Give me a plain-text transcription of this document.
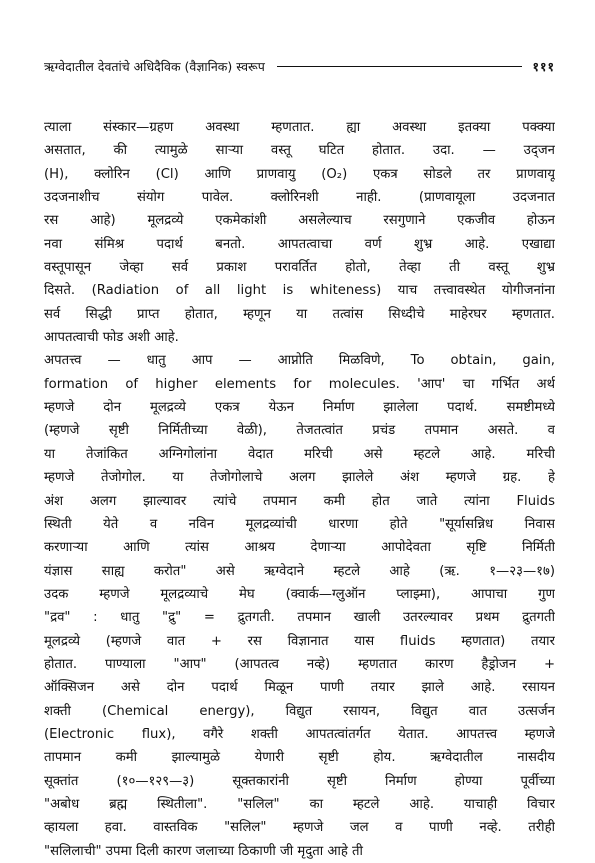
ऋग्वेदातील देवतांचे अधिदैविक (वैज्ञानिक) स्वरूप	१११
त्याला संस्कार—ग्रहण अवस्था म्हणतात. ह्या अवस्था इतक्या पक्क्या
असतात, की त्यामुळे साऱ्या वस्तू घटित होतात. उदा. — उद्जन
(H), क्लोरिन (Cl) आणि प्राणवायु (O₂) एकत्र सोडले तर प्राणवायू
उदजनाशीच संयोग पावेल. क्लोरिनशी नाही. (प्राणवायूला उदजनात
रस आहे) मूलद्रव्ये एकमेकांशी असलेल्याच रसगुणाने एकजीव होऊन
नवा संमिश्र पदार्थ बनतो. आपतत्वाचा वर्ण शुभ्र आहे. एखाद्या
वस्तूपासून जेव्हा सर्व प्रकाश परावर्तित होतो, तेव्हा ती वस्तू शुभ्र
दिसते. (Radiation of all light is whiteness) याच तत्त्वावस्थेत योगीजनांना
सर्व सिद्धी प्राप्त होतात, म्हणून या तत्वांस सिध्दीचे माहेरघर म्हणतात.
आपतत्वाची फोड अशी आहे.
अपतत्त्व — धातु आप — आप्नोति मिळविणे, To obtain, gain,
formation of higher elements for molecules. 'आप' चा गर्भित अर्थ
म्हणजे दोन मूलद्रव्ये एकत्र येऊन निर्माण झालेला पदार्थ. समष्टीमध्ये
(म्हणजे सृष्टी निर्मितीच्या वेळी), तेजतत्वांत प्रचंड तपमान असते. व
या तेजांकित अग्निगोलांना वेदात मरिची असे म्हटले आहे. मरिची
म्हणजे तेजोगोल. या तेजोगोलाचे अलग झालेले अंश म्हणजे ग्रह. हे
अंश अलग झाल्यावर त्यांचे तपमान कमी होत जाते त्यांना Fluids
स्थिती येते व नविन मूलद्रव्यांची धारणा होते "सूर्यासन्निध निवास
करणाऱ्या आणि त्यांस आश्रय देणाऱ्या आपोदेवता सृष्टि निर्मिती
यंज्ञास साह्य करोत" असे ऋग्वेदाने म्हटले आहे (ऋ. १—२३—१७)
उदक म्हणजे मूलद्रव्याचे मेघ (क्वार्क—ग्लुऑन प्लाझ्मा), आपाचा गुण
"द्रव" : धातु "द्रु" = द्रुतगती. तपमान खाली उतरल्यावर प्रथम द्रुतगती
मूलद्रव्ये (म्हणजे वात + रस विज्ञानात यास fluids म्हणतात) तयार
होतात. पाण्याला "आप" (आपतत्व नव्हे) म्हणतात कारण हैड्रोजन +
ऑक्सिजन असे दोन पदार्थ मिळून पाणी तयार झाले आहे. रसायन
शक्ती (Chemical energy), विद्युत रसायन, विद्युत वात उत्सर्जन
(Electronic flux), वगैरे शक्ती आपतत्वांतर्गत येतात. आपतत्त्व म्हणजे
तापमान कमी झाल्यामुळे येणारी सृष्टी होय. ऋग्वेदातील नासदीय
सूक्तांत (१०—१२९—३) सूक्तकारांनी सृष्टी निर्माण होण्या पूर्वीच्या
"अबोध ब्रह्म स्थितीला". "सलिल" का म्हटले आहे. याचाही विचार
व्हायला हवा. वास्तविक "सलिल" म्हणजे जल व पाणी नव्हे. तरीही
"सलिलाची" उपमा दिली कारण जलाच्या ठिकाणी जी मृदुता आहे ती
